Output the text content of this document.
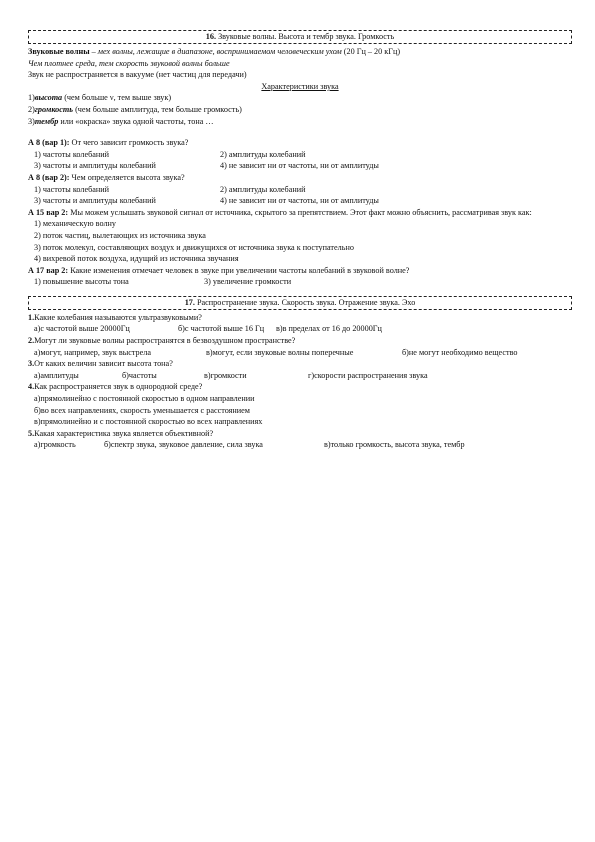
16. Звуковые волны. Высота и тембр звука. Громкость
Звуковые волны – мех волны, лежащие в диапазоне, воспринимаемом человеческим ухом (20 Гц – 20 кГц)
Чем плотнее среда, тем скорость звуковой волны больше
Звук не распространяется в вакууме (нет частиц для передачи)
Характеристики звука
1)высота (чем больше ν, тем выше звук)
2)громкость (чем больше амплитуда, тем больше громкость)
3)тембр или «окраска» звука одной частоты, тона …
А 8 (вар 1): От чего зависит громкость звука?
1) частоты колебаний	2) амплитуды колебаний
3) частоты и амплитуды колебаний	4) не зависит ни от частоты, ни от амплитуды
А 8 (вар 2): Чем определяется высота звука?
1) частоты колебаний	2) амплитуды колебаний
3) частоты и амплитуды колебаний	4) не зависит ни от частоты, ни от амплитуды
А 15 вар 2: Мы можем услышать звуковой сигнал от источника, скрытого за препятствием. Этот факт можно объяснить, рассматривая звук как:
1) механическую волну
2) поток частиц, вылетающих из источника звука
3) поток молекул, составляющих воздух и движущихся от источника звука к поступательно
4) вихревой поток воздуха, идущий из источника звучания
А 17 вар 2: Какие изменения отмечает человек в звуке при увеличении частоты колебаний в звуковой волне?
1) повышение высоты тона	3) увеличение громкости
17. Распространение звука. Скорость звука. Отражение звука. Эхо
1.Какие колебания называются ультразвуковыми?
а)с частотой выше 20000Гц	б)с частотой выше 16 Гц	в)в пределах от 16 до 20000Гц
2.Могут ли звуковые волны распространятся в безвоздушном пространстве?
а)могут, например, звук выстрела	в)могут, если звуковые волны поперечные	б)не могут необходимо вещество
3.От каких величин зависит высота тона?
а)амплитуды	б)частоты	в)громкости	г)скорости распространения звука
4.Как распространяется звук в однородной среде?
а)прямолинейно с постоянной скоростью в одном направлении
б)во всех направлениях, скорость уменьшается с расстоянием
в)прямолинейно и с постоянной скоростью во всех направлениях
5.Какая характеристика звука является объективной?
а)громкость	б)спектр звука, звуковое давление, сила звука	в)только громкость, высота звука, тембр
